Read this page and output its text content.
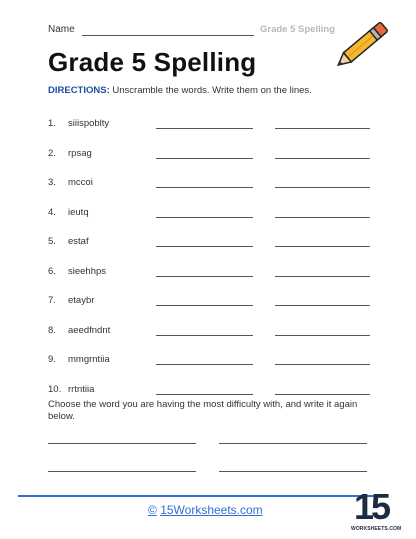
Name	Grade 5 Spelling
Grade 5 Spelling
DIRECTIONS: Unscramble the words. Write them on the lines.
1. siiispoblty
2. rpsag
3. mccoi
4. ieutq
5. estaf
6. sieehhps
7. etaybr
8. aeedfndnt
9. mmgrntiia
10. rrtntiia
Choose the word you are having the most difficulty with, and write it again below.
© 15Worksheets.com	15
WORKSHEETS.COM
